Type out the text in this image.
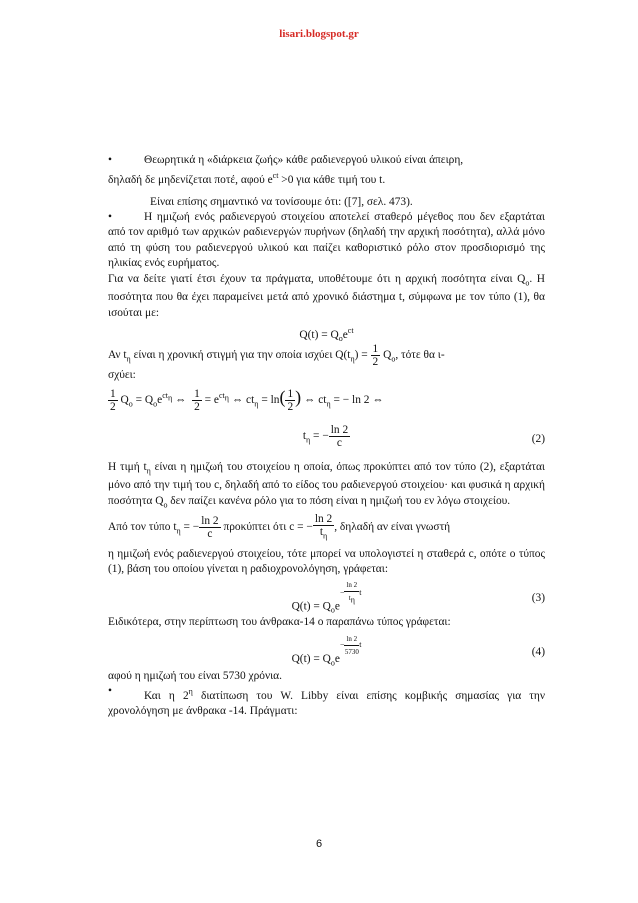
lisari.blogspot.gr

•	Θεωρητικά η «διάρκεια ζωής» κάθε ραδιενεργού υλικού είναι άπειρη,

δηλαδή δε μηδενίζεται ποτέ, αφού $e^{ct} >0$ για κάθε τιμή του t.

Είναι επίσης σημαντικό να τονίσουμε ότι: ([7], σελ. 473).

•	Η ημιζωή ενός ραδιενεργού στοιχείου αποτελεί σταθερό μέγεθος που δεν εξαρτάται από τον αριθμό των αρχικών ραδιενεργών πυρήνων (δηλαδή την αρχική ποσότητα), αλλά μόνο από τη φύση του ραδιενεργού υλικού και παίζει καθοριστικό ρόλο στον προσδιορισμό της ηλικίας ενός ευρήματος.

Για να δείτε γιατί έτσι έχουν τα πράγματα, υποθέτουμε ότι η αρχική ποσότητα είναι $Q_o$. Η ποσότητα που θα έχει παραμείνει μετά από χρονικό διάστημα t, σύμφωνα με τον τύπο (1), θα ισούται με:

$Q(t) = Q_oe^{ct}$

Αν $t_\eta$ είναι η χρονική στιγμή για την οποία ισχύει $Q(t_\eta) = \frac{1}{2} Q_o$, τότε θα ι-

σχύει:

$\frac{1}{2} Q_o = Q_oe^{ct_\eta}$ ⇔ $\frac{1}{2} = e^{ct_\eta}$ ⇔ $ct_\eta = \ln( \frac{1}{2}$ ) ⇔ $ct_\eta$ = − ln 2 ⇔
$t_\eta$ = − $\frac{\ln 2}{c}$	(2)

Η τιμή $t_\eta$ είναι η ημιζωή του στοιχείου η οποία, όπως προκύπτει από τον τύπο (2), εξαρτάται μόνο από την τιμή του c, δηλαδή από το είδος του ραδιενεργού στοιχείου· και φυσικά η αρχική ποσότητα $Q_o$ δεν παίζει κανένα ρόλο για το πόση είναι η ημιζωή του εν λόγω στοιχείου.

Από τον τύπο $t_\eta$ = − $\frac{\ln 2}{c}$ προκύπτει ότι c = − $\frac{\ln 2}{t_\eta}$ , δηλαδή αν είναι γνωστή

η ημιζωή ενός ραδιενεργού στοιχείου, τότε μπορεί να υπολογιστεί η σταθερά c, οπότε ο τύπος (1), βάση του οποίου γίνεται η ραδιοχρονολόγηση, γράφεται:

$Q(t) = Q_oe^{- \frac{\ln 2}{t_\eta} t}$	(3)

Ειδικότερα, στην περίπτωση του άνθρακα-14 ο παραπάνω τύπος γράφεται:

$Q(t) = Q_oe^{- \frac{\ln 2}{5730} t}$
(4)

αφού η ημιζωή του είναι 5730 χρόνια.

•	Και η $2^\eta$ διατίπωση του W. Libby είναι επίσης κομβικής σημασίας για την χρονολόγηση με άνθρακα -14. Πράγματι:

6
